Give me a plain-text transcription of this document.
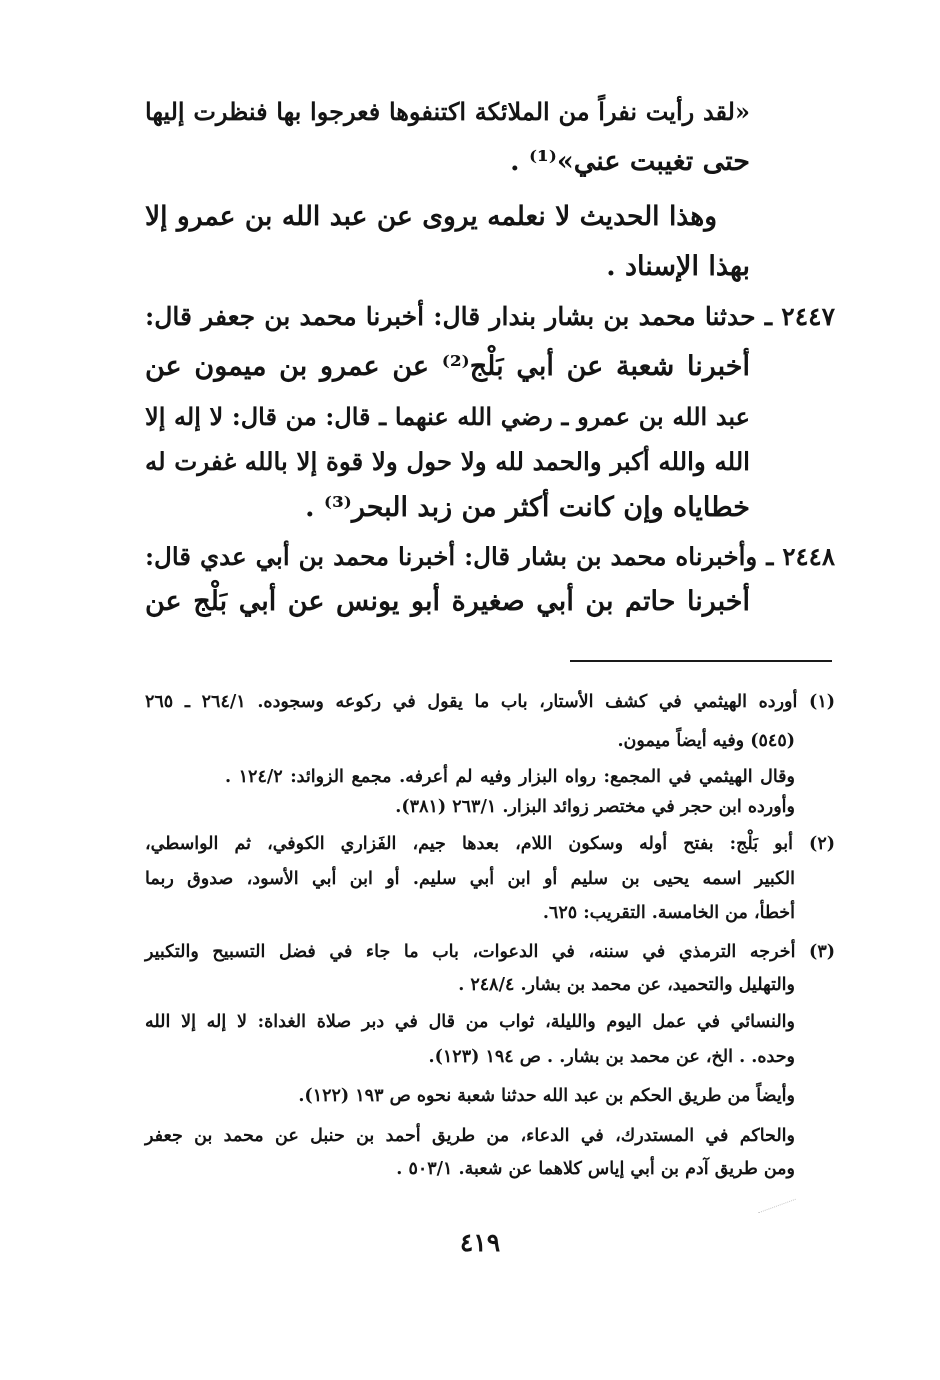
«لقد رأيت نفراً من الملائكة اكتنفوها فعرجوا بها فنظرت إليها
حتى تغيبت عني»⁽¹⁾ .
وهذا الحديث لا نعلمه يروى عن عبد الله بن عمرو إلا
بهذا الإسناد .
٢٤٤٧ ـ حدثنا محمد بن بشار بندار قال: أخبرنا محمد بن جعفر قال:
أخبرنا شعبة عن أبي بَلْج⁽²⁾ عن عمرو بن ميمون عن
عبد الله بن عمرو ـ رضي الله عنهما ـ قال: من قال: لا إله إلا
الله والله أكبر والحمد لله ولا حول ولا قوة إلا بالله غفرت له
خطاياه وإن كانت أكثر من زبد البحر⁽³⁾ .
٢٤٤٨ ـ وأخبرناه محمد بن بشار قال: أخبرنا محمد بن أبي عدي قال:
أخبرنا حاتم بن أبي صغيرة أبو يونس عن أبي بَلْج عن
(١) أورده الهيثمي في كشف الأستار، باب ما يقول في ركوعه وسجوده. ٢٦٤/١ ـ ٢٦٥
(٥٤٥) وفيه أيضاً ميمون.
وقال الهيثمي في المجمع: رواه البزار وفيه لم أعرفه. مجمع الزوائد: ١٢٤/٢ .
وأورده ابن حجر في مختصر زوائد البزار. ٢٦٣/١ (٣٨١).
(٢) أبو بَلْج: بفتح أوله وسكون اللام، بعدها جيم، الفَزاري الكوفي، ثم الواسطي،
الكبير اسمه يحيى بن سليم أو ابن أبي سليم. أو ابن أبي الأسود، صدوق ربما
أخطأ، من الخامسة. التقريب: ٦٢٥.
(٣) أخرجه الترمذي في سننه، في الدعوات، باب ما جاء في فضل التسبيح والتكبير
والتهليل والتحميد، عن محمد بن بشار. ٢٤٨/٤ .
والنسائي في عمل اليوم والليلة، ثواب من قال في دبر صلاة الغداة: لا إله إلا الله
وحده. . الخ، عن محمد بن بشار. . ص ١٩٤ (١٢٣).
وأيضاً من طريق الحكم بن عبد الله حدثنا شعبة نحوه ص ١٩٣ (١٢٢).
والحاكم في المستدرك، في الدعاء، من طريق أحمد بن حنبل عن محمد بن جعفر
ومن طريق آدم بن أبي إياس كلاهما عن شعبة. ٥٠٣/١ .
٤١٩
